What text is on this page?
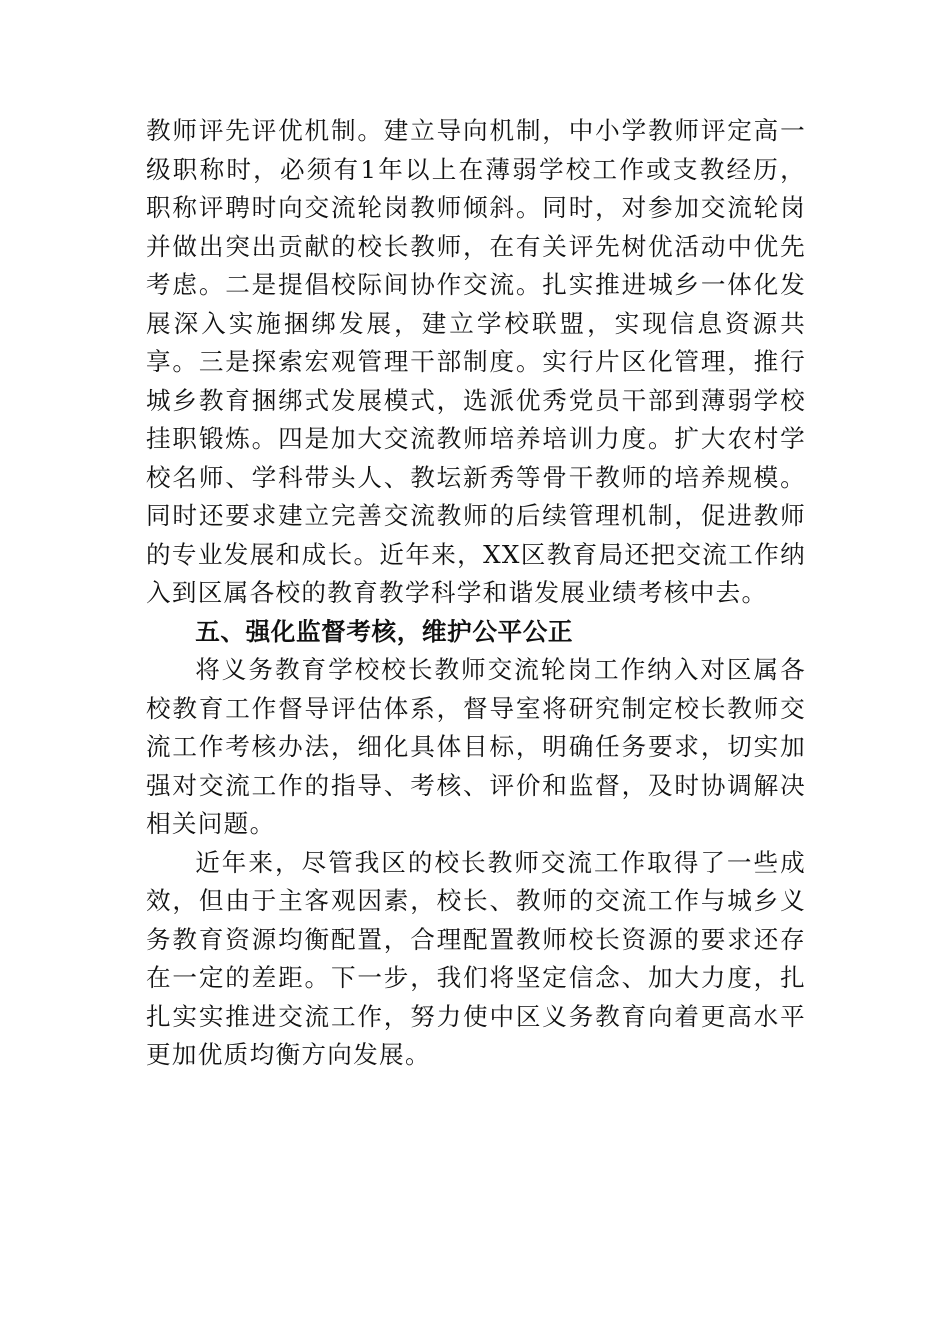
教师评先评优机制。建立导向机制，中小学教师评定高一级职称时，必须有1年以上在薄弱学校工作或支教经历，职称评聘时向交流轮岗教师倾斜。同时，对参加交流轮岗并做出突出贡献的校长教师，在有关评先树优活动中优先考虑。二是提倡校际间协作交流。扎实推进城乡一体化发展深入实施捆绑发展，建立学校联盟，实现信息资源共享。三是探索宏观管理干部制度。实行片区化管理，推行城乡教育捆绑式发展模式，选派优秀党员干部到薄弱学校挂职锻炼。四是加大交流教师培养培训力度。扩大农村学校名师、学科带头人、教坛新秀等骨干教师的培养规模。同时还要求建立完善交流教师的后续管理机制，促进教师的专业发展和成长。近年来，XX区教育局还把交流工作纳入到区属各校的教育教学科学和谐发展业绩考核中去。

五、强化监督考核，维护公平公正

将义务教育学校校长教师交流轮岗工作纳入对区属各校教育工作督导评估体系，督导室将研究制定校长教师交流工作考核办法，细化具体目标，明确任务要求，切实加强对交流工作的指导、考核、评价和监督，及时协调解决相关问题。

近年来，尽管我区的校长教师交流工作取得了一些成效，但由于主客观因素，校长、教师的交流工作与城乡义务教育资源均衡配置，合理配置教师校长资源的要求还存在一定的差距。下一步，我们将坚定信念、加大力度，扎扎实实推进交流工作，努力使中区义务教育向着更高水平更加优质均衡方向发展。
